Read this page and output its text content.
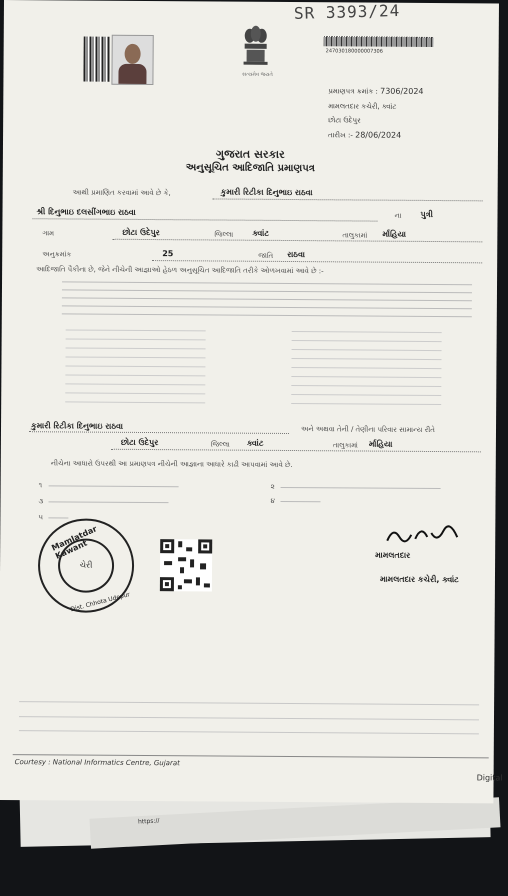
https://
SR 3393/24
સત્યમેવ જયતે
247030180000007306
પ્રમાણપત્ર ક્રમાંક : 7306/2024
મામલતદાર કચેરી, ક્વાંટ
છોટા ઉદેપુર
તારીખ :- 28/06/2024
ગુજરાત સરકાર
અનુસૂચિત આદિજાતિ પ્રમાણપત્ર
આથી પ્રમાણિત કરવામાં આવે છે કે,	કુમારી રિટીકા દિનુભાઇ રાઠવા
શ્રી દિનુભાઇ દલસીંગભાઇ રાઠવા	ના પુત્રી
ગામ	છોટા ઉદેપુર	જિલ્લા ક્વાંટ	તાલુકામાં ર્માહિયા
અનુક્રમાંક	25	જાતિ રાઠવા
આદિજાતિ પૈકીના છે, જેને નીચેની આજ્ઞાઓ હેઠળ અનુસૂચિત આદિજાતિ તરીકે ઓળખવામાં આવે છે :-
કુમારી રિટીકા દિનુભાઇ રાઠવા	અને અથવા તેની / તેણીના પરિવાર સામાન્ય રીતે
છોટા ઉદેપુર	જિલ્લા ક્વાંટ	તાલુકામાં ર્માહિયા
નીચેના આધારો ઉપરથી આ પ્રમાણપત્ર નીચેની આજ્ઞાના આધારે કાઢી આપવામાં આવે છે.
૧	૨
૩	૪
૫
Mamlatdar Kawant
ચેરી
Dist. Chhota Udepur
મામલતદાર
મામલતદાર કચેરી, ક્વાંટ
Courtesy : National Informatics Centre, Gujarat
Digital
